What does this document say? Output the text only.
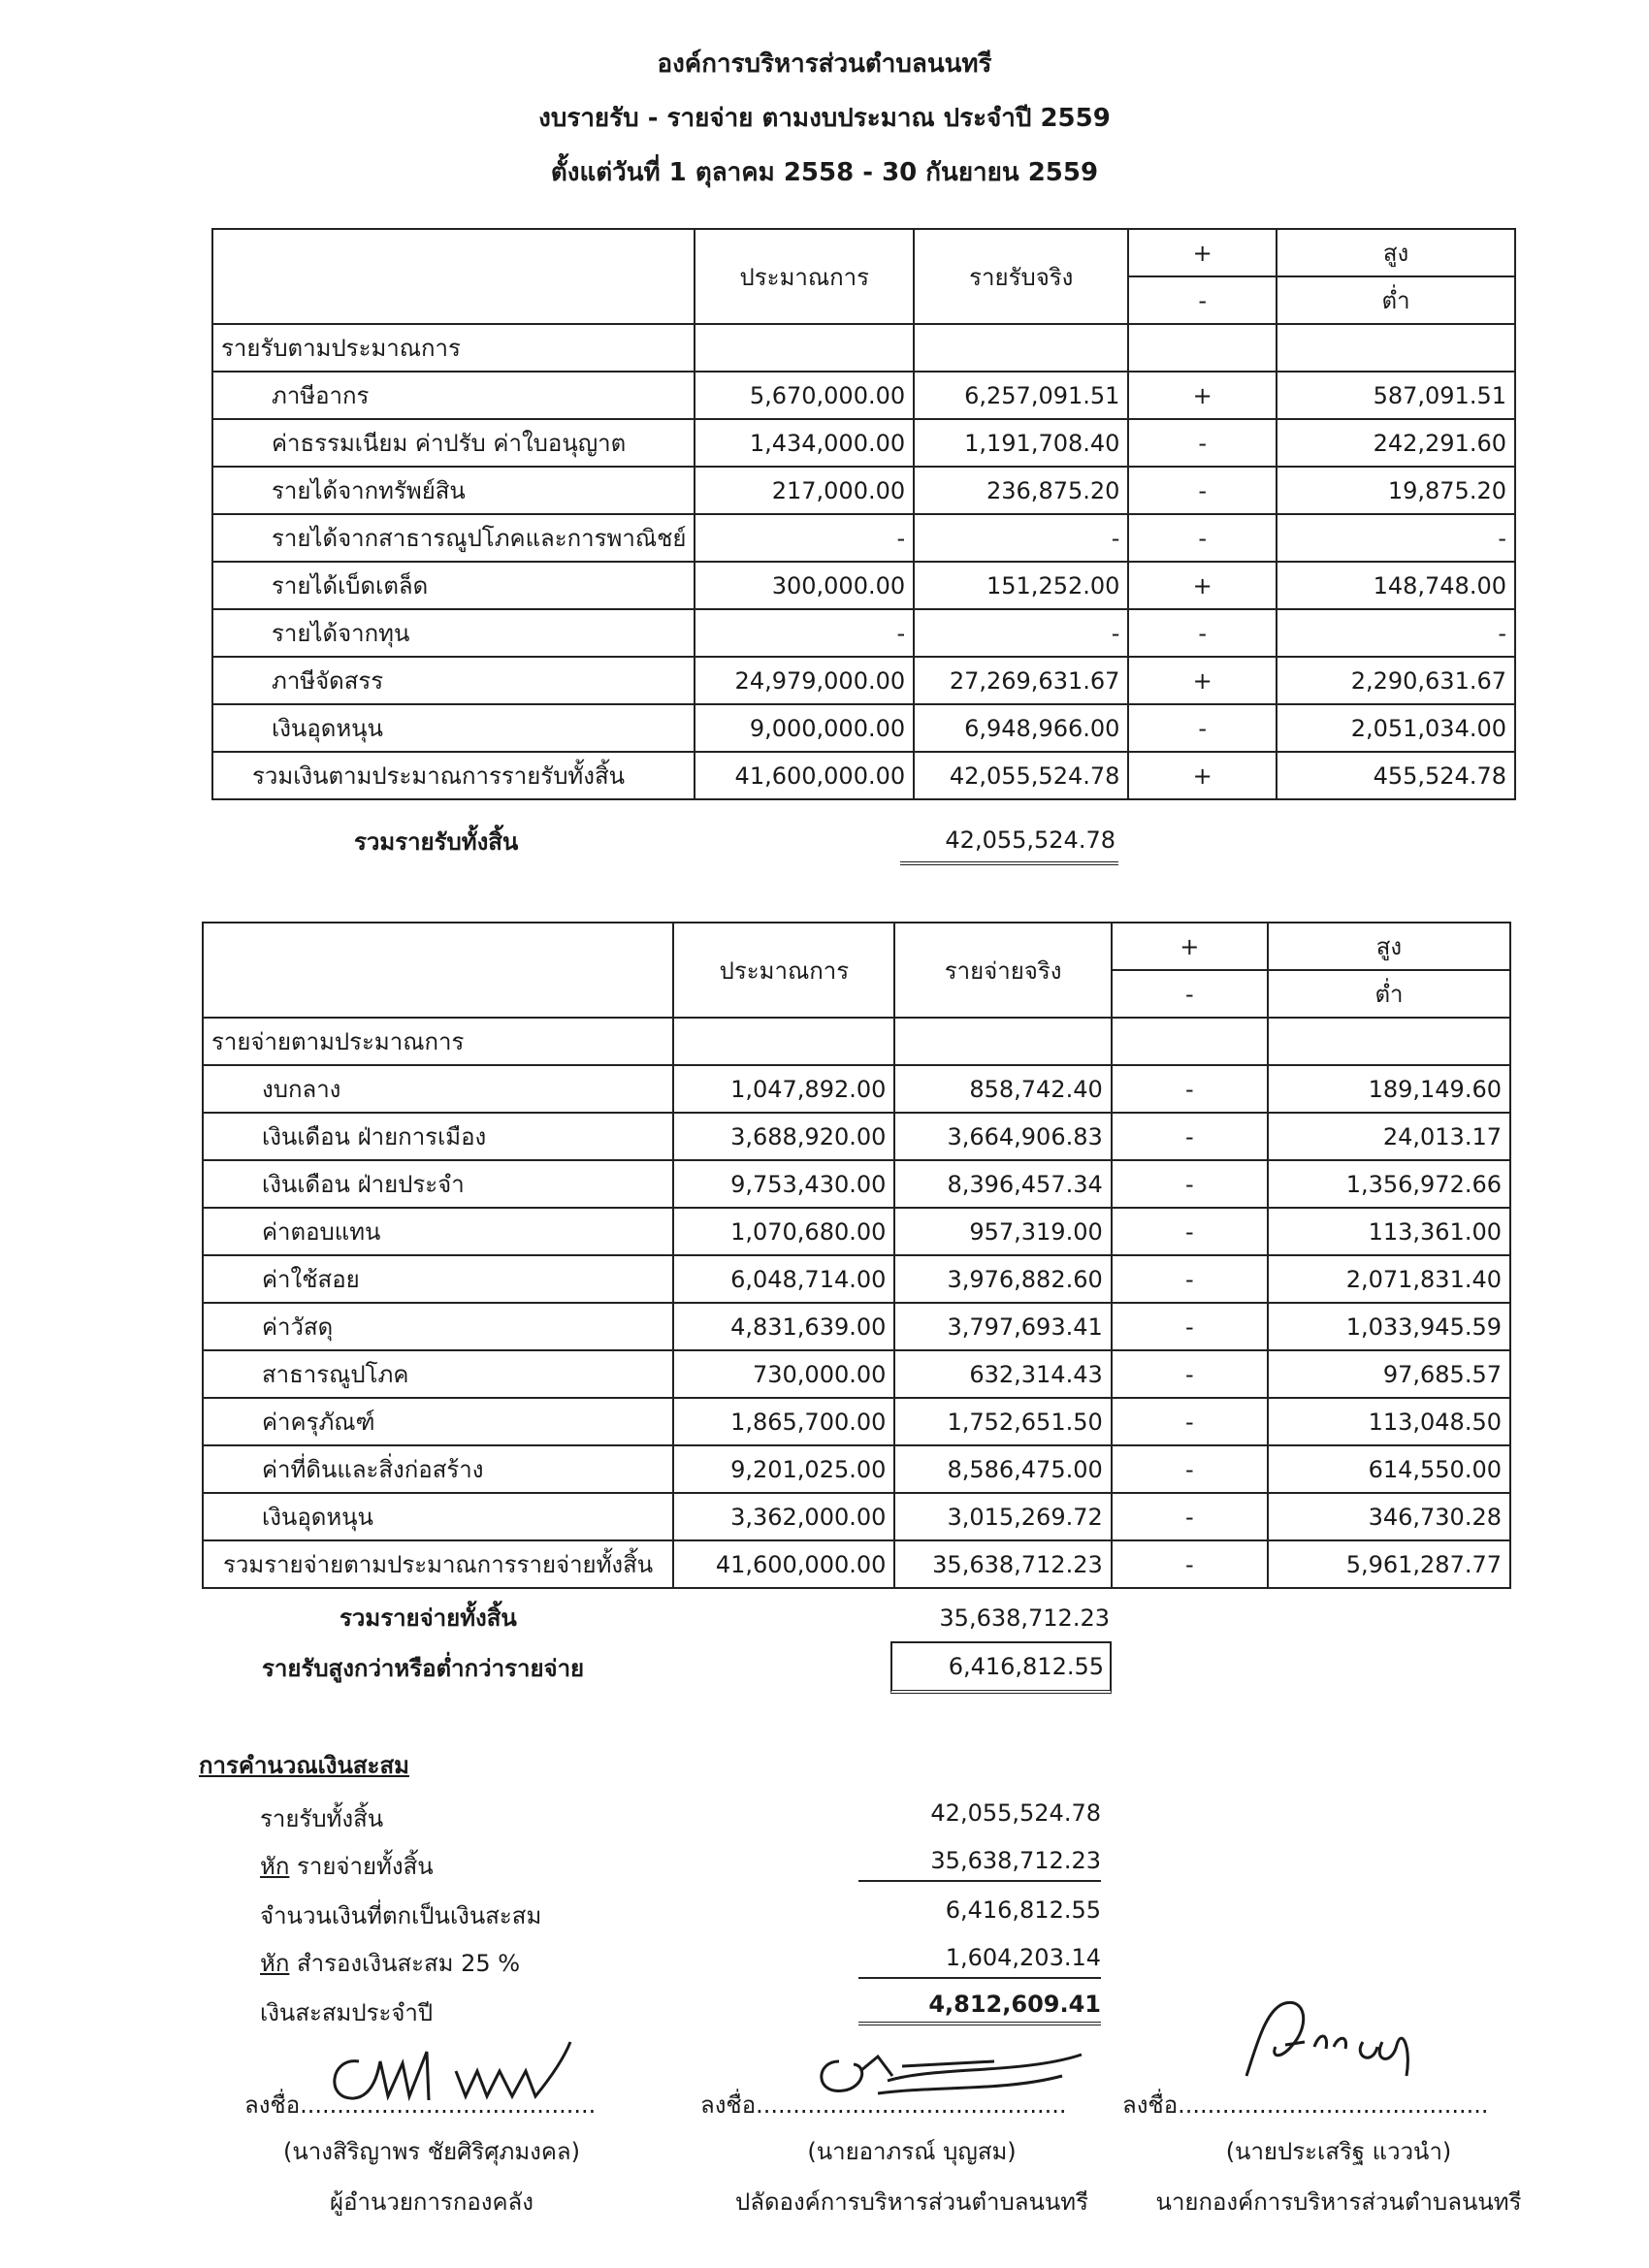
องค์การบริหารส่วนตำบลนนทรี
งบรายรับ - รายจ่าย ตามงบประมาณ ประจำปี 2559
ตั้งแต่วันที่ 1 ตุลาคม 2558 - 30 กันยายน 2559
	ประมาณการ	รายรับจริง	+	สูง
			-	ต่ำ
รายรับตามประมาณการ				
ภาษีอากร	5,670,000.00	6,257,091.51	+	587,091.51
ค่าธรรมเนียม ค่าปรับ ค่าใบอนุญาต	1,434,000.00	1,191,708.40	-	242,291.60
รายได้จากทรัพย์สิน	217,000.00	236,875.20	-	19,875.20
รายได้จากสาธารณูปโภคและการพาณิชย์	-	-	-	-
รายได้เบ็ดเตล็ด	300,000.00	151,252.00	+	148,748.00
รายได้จากทุน	-	-	-	-
ภาษีจัดสรร	24,979,000.00	27,269,631.67	+	2,290,631.67
เงินอุดหนุน	9,000,000.00	6,948,966.00	-	2,051,034.00
รวมเงินตามประมาณการรายรับทั้งสิ้น	41,600,000.00	42,055,524.78	+	455,524.78
รวมรายรับทั้งสิ้น	42,055,524.78
	ประมาณการ	รายจ่ายจริง	+	สูง
			-	ต่ำ
รายจ่ายตามประมาณการ				
งบกลาง	1,047,892.00	858,742.40	-	189,149.60
เงินเดือน ฝ่ายการเมือง	3,688,920.00	3,664,906.83	-	24,013.17
เงินเดือน ฝ่ายประจำ	9,753,430.00	8,396,457.34	-	1,356,972.66
ค่าตอบแทน	1,070,680.00	957,319.00	-	113,361.00
ค่าใช้สอย	6,048,714.00	3,976,882.60	-	2,071,831.40
ค่าวัสดุ	4,831,639.00	3,797,693.41	-	1,033,945.59
สาธารณูปโภค	730,000.00	632,314.43	-	97,685.57
ค่าครุภัณฑ์	1,865,700.00	1,752,651.50	-	113,048.50
ค่าที่ดินและสิ่งก่อสร้าง	9,201,025.00	8,586,475.00	-	614,550.00
เงินอุดหนุน	3,362,000.00	3,015,269.72	-	346,730.28
รวมรายจ่ายตามประมาณการรายจ่ายทั้งสิ้น	41,600,000.00	35,638,712.23	-	5,961,287.77
รวมรายจ่ายทั้งสิ้น	35,638,712.23
รายรับสูงกว่าหรือต่ำกว่ารายจ่าย	6,416,812.55
การคำนวณเงินสะสม
รายรับทั้งสิ้น	42,055,524.78
หัก รายจ่ายทั้งสิ้น	35,638,712.23
จำนวนเงินที่ตกเป็นเงินสะสม	6,416,812.55
หัก สำรองเงินสะสม 25 %	1,604,203.14
เงินสะสมประจำปี	4,812,609.41
ลงชื่อ........................................	ลงชื่อ.......................................... ลงชื่อ..........................................
(นางสิริญาพร ชัยศิริศุภมงคล)
ผู้อำนวยการกองคลัง
(นายอาภรณ์ บุญสม)
ปลัดองค์การบริหารส่วนตำบลนนทรี
(นายประเสริฐ แววนำ)
นายกองค์การบริหารส่วนตำบลนนทรี
